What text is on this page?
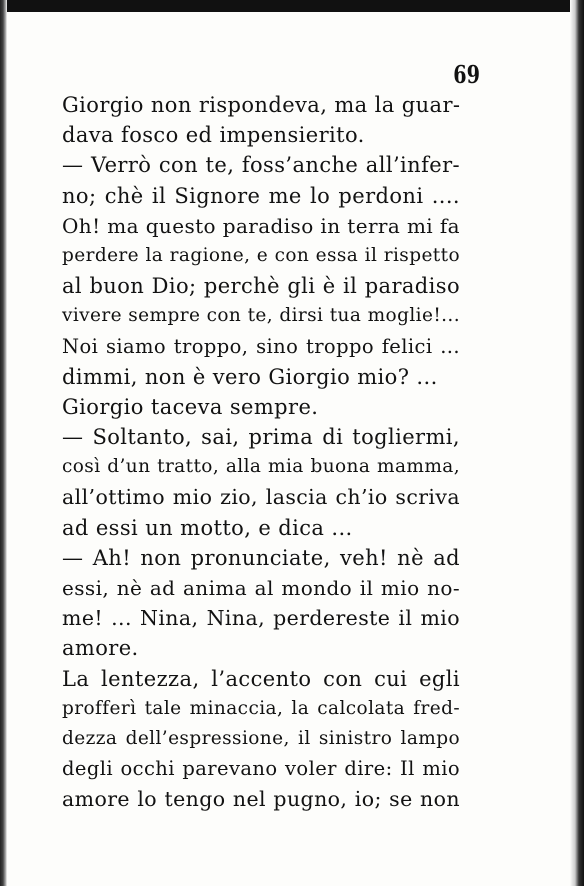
69
Giorgio non rispondeva, ma la guar-
dava fosco ed impensierito.
— Verrò con te, foss’anche all’infer-
no; chè il Signore me lo perdoni ....
Oh! ma questo paradiso in terra mi fa
perdere la ragione, e con essa il rispetto
al buon Dio; perchè gli è il paradiso
vivere sempre con te, dirsi tua moglie!...
Noi siamo troppo, sino troppo felici ...
dimmi, non è vero Giorgio mio? ...
Giorgio taceva sempre.
— Soltanto, sai, prima di togliermi,
così d’un tratto, alla mia buona mamma,
all’ottimo mio zio, lascia ch’io scriva
ad essi un motto, e dica ...
— Ah! non pronunciate, veh! nè ad
essi, nè ad anima al mondo il mio no-
me! ... Nina, Nina, perdereste il mio
amore.
La lentezza, l’accento con cui egli
profferì tale minaccia, la calcolata fred-
dezza dell’espressione, il sinistro lampo
degli occhi parevano voler dire: Il mio
amore lo tengo nel pugno, io; se non
